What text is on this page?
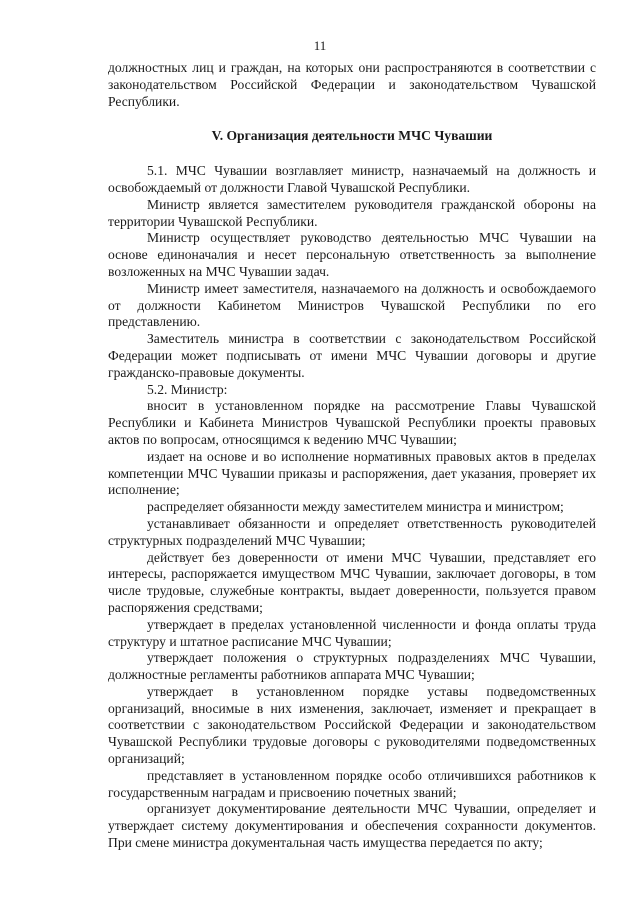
11

должностных лиц и граждан, на которых они распространяются в соответствии с законодательством Российской Федерации и законодательством Чувашской Республики.

V. Организация деятельности МЧС Чувашии

5.1. МЧС Чувашии возглавляет министр, назначаемый на должность и освобождаемый от должности Главой Чувашской Республики.

Министр является заместителем руководителя гражданской обороны на территории Чувашской Республики.

Министр осуществляет руководство деятельностью МЧС Чувашии на основе единоначалия и несет персональную ответственность за выполнение возложенных на МЧС Чувашии задач.

Министр имеет заместителя, назначаемого на должность и освобождаемого от должности Кабинетом Министров Чувашской Республики по его представлению.

Заместитель министра в соответствии с законодательством Российской Федерации может подписывать от имени МЧС Чувашии договоры и другие гражданско-правовые документы.

5.2. Министр:

вносит в установленном порядке на рассмотрение Главы Чувашской Республики и Кабинета Министров Чувашской Республики проекты правовых актов по вопросам, относящимся к ведению МЧС Чувашии;

издает на основе и во исполнение нормативных правовых актов в пределах компетенции МЧС Чувашии приказы и распоряжения, дает указания, проверяет их исполнение;

распределяет обязанности между заместителем министра и министром;

устанавливает обязанности и определяет ответственность руководителей структурных подразделений МЧС Чувашии;

действует без доверенности от имени МЧС Чувашии, представляет его интересы, распоряжается имуществом МЧС Чувашии, заключает договоры, в том числе трудовые, служебные контракты, выдает доверенности, пользуется правом распоряжения средствами;

утверждает в пределах установленной численности и фонда оплаты труда структуру и штатное расписание МЧС Чувашии;

утверждает положения о структурных подразделениях МЧС Чувашии, должностные регламенты работников аппарата МЧС Чувашии;

утверждает в установленном порядке уставы подведомственных организаций, вносимые в них изменения, заключает, изменяет и прекращает в соответствии с законодательством Российской Федерации и законодательством Чувашской Республики трудовые договоры с руководителями подведомственных организаций;

представляет в установленном порядке особо отличившихся работников к государственным наградам и присвоению почетных званий;

организует документирование деятельности МЧС Чувашии, определяет и утверждает систему документирования и обеспечения сохранности документов. При смене министра документальная часть имущества передается по акту;
